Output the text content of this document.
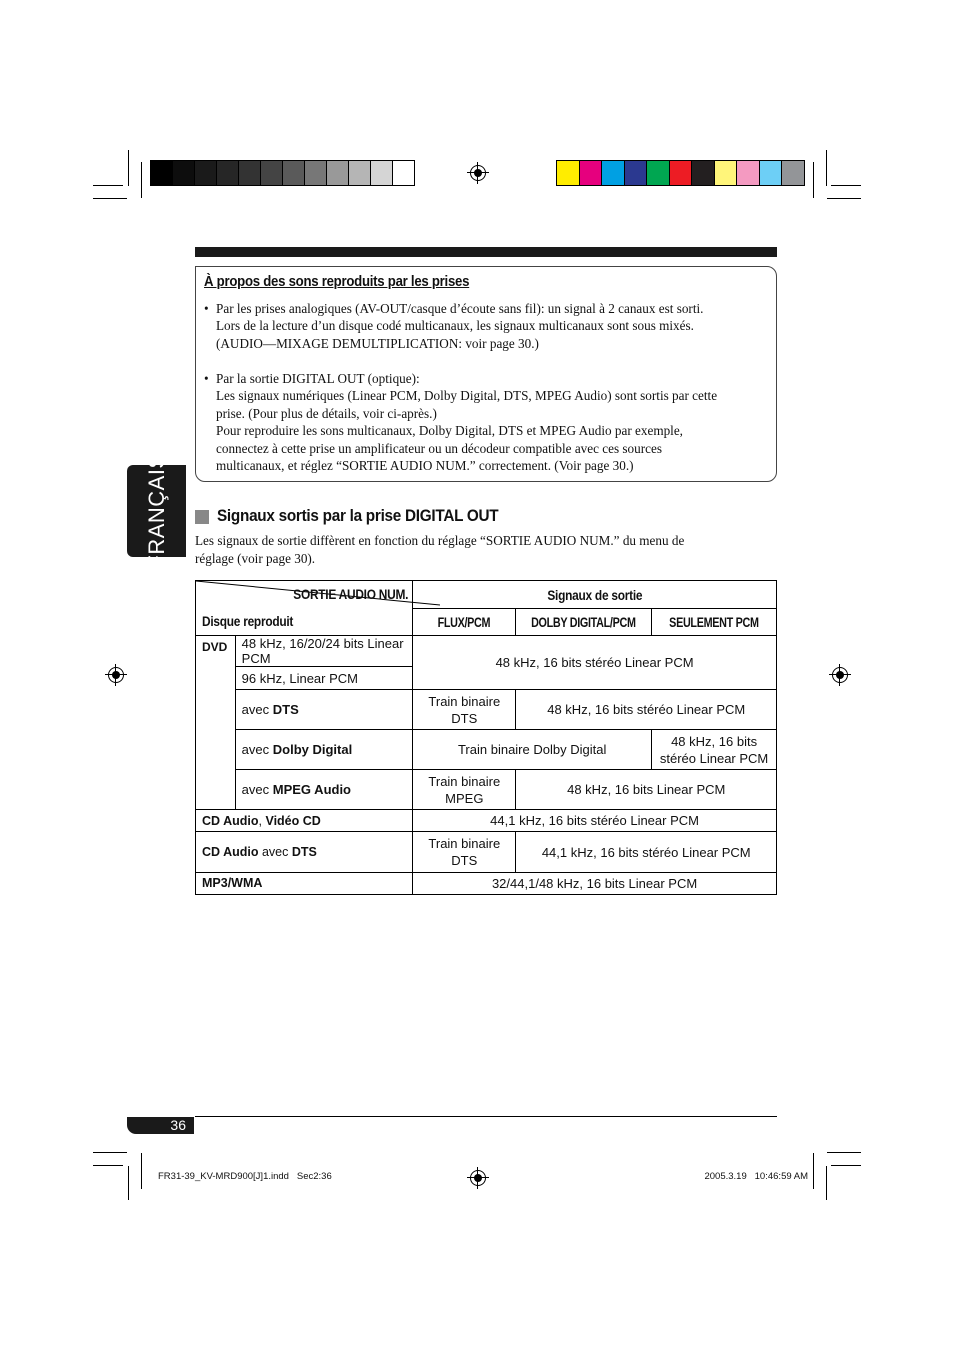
FRANÇAIS
À propos des sons reproduits par les prises
• Par les prises analogiques (AV-OUT/casque d’écoute sans fil): un signal à 2 canaux est sorti.
Lors de la lecture d’un disque codé multicanaux, les signaux multicanaux sont sous mixés.
(AUDIO—MIXAGE DEMULTIPLICATION: voir page 30.)
• Par la sortie DIGITAL OUT (optique):
Les signaux numériques (Linear PCM, Dolby Digital, DTS, MPEG Audio) sont sortis par cette
prise. (Pour plus de détails, voir ci-après.)
Pour reproduire les sons multicanaux, Dolby Digital, DTS et MPEG Audio par exemple,
connectez à cette prise un amplificateur ou un décodeur compatible avec ces sources
multicanaux, et réglez “SORTIE AUDIO NUM.” correctement. (Voir page 30.)
Signaux sortis par la prise DIGITAL OUT
Les signaux de sortie diffèrent en fonction du réglage “SORTIE AUDIO NUM.” du menu de
réglage (voir page 30).
SORTIE AUDIO NUM.
Disque reproduit		Signaux de sortie		
		FLUX/PCM	DOLBY DIGITAL/PCM	SEULEMENT PCM
DVD	48 kHz, 16/20/24 bits Linear PCM	48 kHz, 16 bits stéréo Linear PCM		
	96 kHz, Linear PCM			
	avec DTS	Train binaire DTS	48 kHz, 16 bits stéréo Linear PCM	
	avec Dolby Digital	Train binaire Dolby Digital		48 kHz, 16 bits stéréo Linear PCM
	avec MPEG Audio	Train binaire MPEG	48 kHz, 16 bits Linear PCM	
CD Audio, Vidéo CD		44,1 kHz, 16 bits stéréo Linear PCM		
CD Audio avec DTS		Train binaire DTS	44,1 kHz, 16 bits stéréo Linear PCM	
MP3/WMA		32/44,1/48 kHz, 16 bits Linear PCM		
36
FR31-39_KV-MRD900[J]1.indd   Sec2:36	2005.3.19   10:46:59 AM
